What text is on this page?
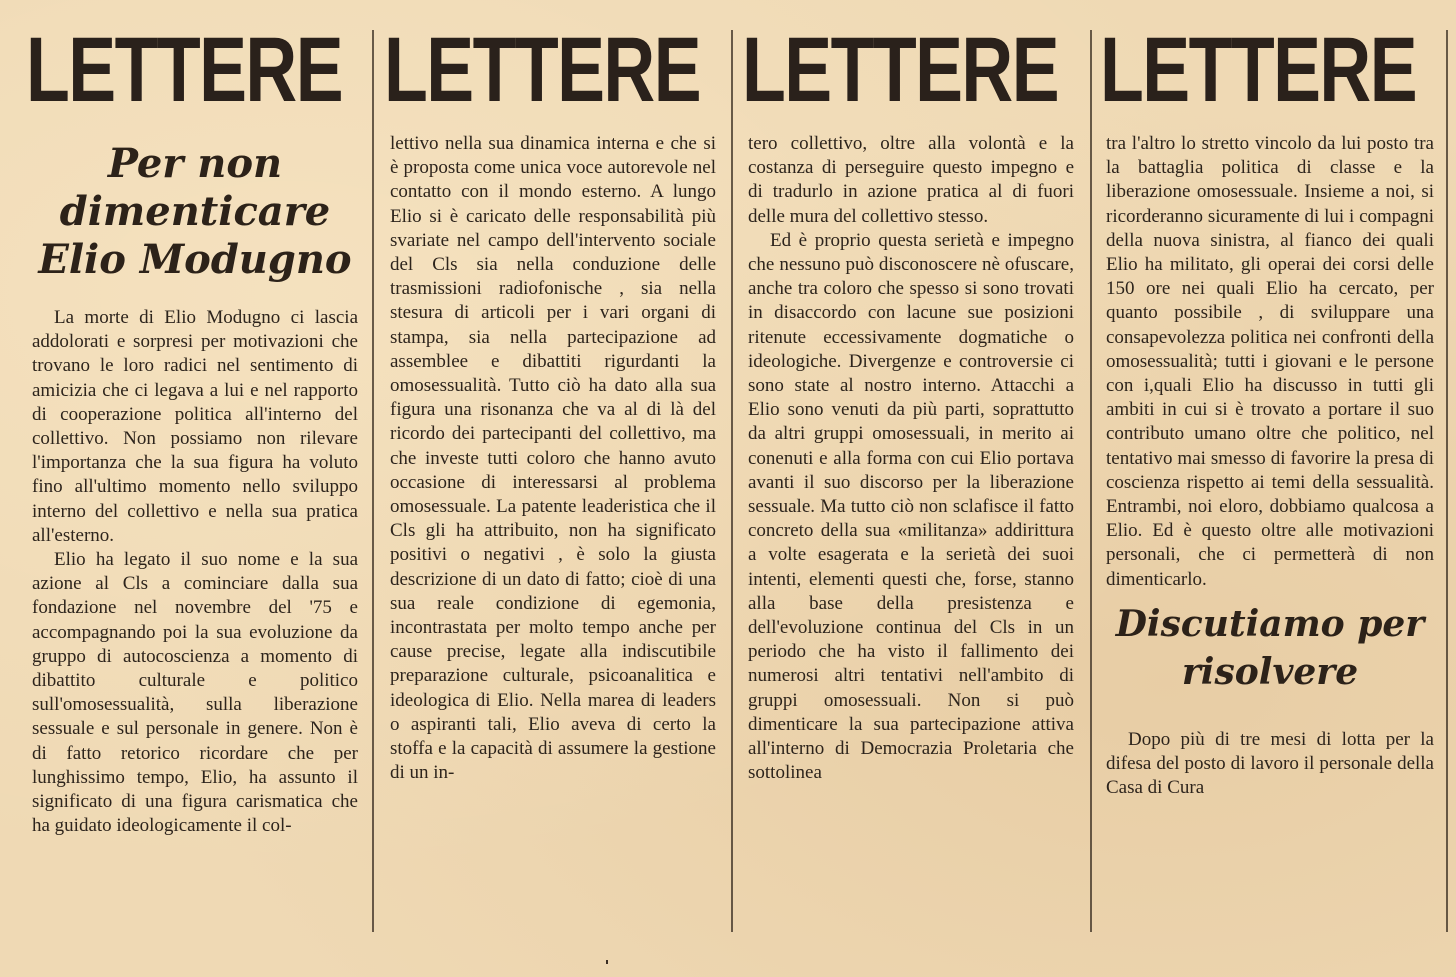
LETTERE
Per non dimenticare Elio Modugno

La morte di Elio Modugno ci lascia addolorati e sorpresi per motivazioni che trovano le loro radici nel sentimento di amicizia che ci legava a lui e nel rapporto di cooperazione politica all'interno del collettivo. Non possiamo non rilevare l'importanza che la sua figura ha voluto fino all'ultimo momento nello sviluppo interno del collettivo e nella sua pratica all'esterno.

Elio ha legato il suo nome e la sua azione al Cls a cominciare dalla sua fondazione nel novembre del '75 e accompagnando poi la sua evoluzione da gruppo di autocoscienza a momento di dibattito culturale e politico sull'omosessualità, sulla liberazione sessuale e sul personale in genere. Non è di fatto retorico ricordare che per lunghissimo tempo, Elio, ha assunto il significato di una figura carismatica che ha guidato ideologicamente il col-

LETTERE

lettivo nella sua dinamica interna e che si è proposta come unica voce autorevole nel contatto con il mondo esterno. A lungo Elio si è caricato delle responsabilità più svariate nel campo dell'intervento sociale del Cls sia nella conduzione delle trasmissioni radiofonische , sia nella stesura di articoli per i vari organi di stampa, sia nella partecipazione ad assemblee e dibattiti rigurdanti la omosessualità. Tutto ciò ha dato alla sua figura una risonanza che va al di là del ricordo dei partecipanti del collettivo, ma che investe tutti coloro che hanno avuto occasione di interessarsi al problema omosessuale. La patente leaderistica che il Cls gli ha attribuito, non ha significato positivi o negativi , è solo la giusta descrizione di un dato di fatto; cioè di una sua reale condizione di egemonia, incontrastata per molto tempo anche per cause precise, legate alla indiscutibile preparazione culturale, psicoanalitica e ideologica di Elio. Nella marea di leaders o aspiranti tali, Elio aveva di certo la stoffa e la capacità di assumere la gestione di un in-

LETTERE

tero collettivo, oltre alla volontà e la costanza di perseguire questo impegno e di tradurlo in azione pratica al di fuori delle mura del collettivo stesso.

Ed è proprio questa serietà e impegno che nessuno può disconoscere nè ofuscare, anche tra coloro che spesso si sono trovati in disaccordo con lacune sue posizioni ritenute eccessivamente dogmatiche o ideologiche. Divergenze e controversie ci sono state al nostro interno. Attacchi a Elio sono venuti da più parti, soprattutto da altri gruppi omosessuali, in merito ai conenuti e alla forma con cui Elio portava avanti il suo discorso per la liberazione sessuale. Ma tutto ciò non sclafisce il fatto concreto della sua «militanza» addirittura a volte esagerata e la serietà dei suoi intenti, elementi questi che, forse, stanno alla base della presistenza e dell'evoluzione continua del Cls in un periodo che ha visto il fallimento dei numerosi altri tentativi nell'ambito di gruppi omosessuali. Non si può dimenticare la sua partecipazione attiva all'interno di Democrazia Proletaria che sottolinea

LETTERE

tra l'altro lo stretto vincolo da lui posto tra la battaglia politica di classe e la liberazione omosessuale. Insieme a noi, si ricorderanno sicuramente di lui i compagni della nuova sinistra, al fianco dei quali Elio ha militato, gli operai dei corsi delle 150 ore nei quali Elio ha cercato, per quanto possibile , di sviluppare una consapevolezza politica nei confronti della omosessualità; tutti i giovani e le persone con i,quali Elio ha discusso in tutti gli ambiti in cui si è trovato a portare il suo contributo umano oltre che politico, nel tentativo mai smesso di favorire la presa di coscienza rispetto ai temi della sessualità. Entrambi, noi eloro, dobbiamo qualcosa a Elio. Ed è questo oltre alle motivazioni personali, che ci permetterà di non dimenticarlo.

Discutiamo per risolvere

Dopo più di tre mesi di lotta per la difesa del posto di lavoro il personale della Casa di Cura
